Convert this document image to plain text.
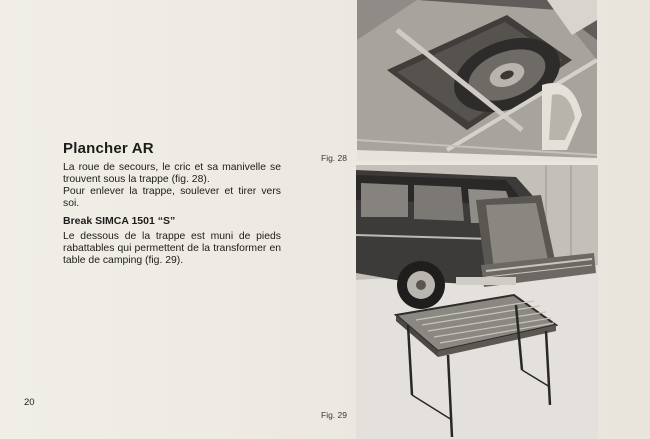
Plancher AR
La roue de secours, le cric et sa manivelle se trouvent sous la trappe (fig. 28).
Pour enlever la trappe, soulever et tirer vers soi.
Break SIMCA 1501 “S”
Le dessous de la trappe est muni de pieds rabattables qui permettent de la transformer en table de camping (fig. 29).
20
Fig. 28
Fig. 29
